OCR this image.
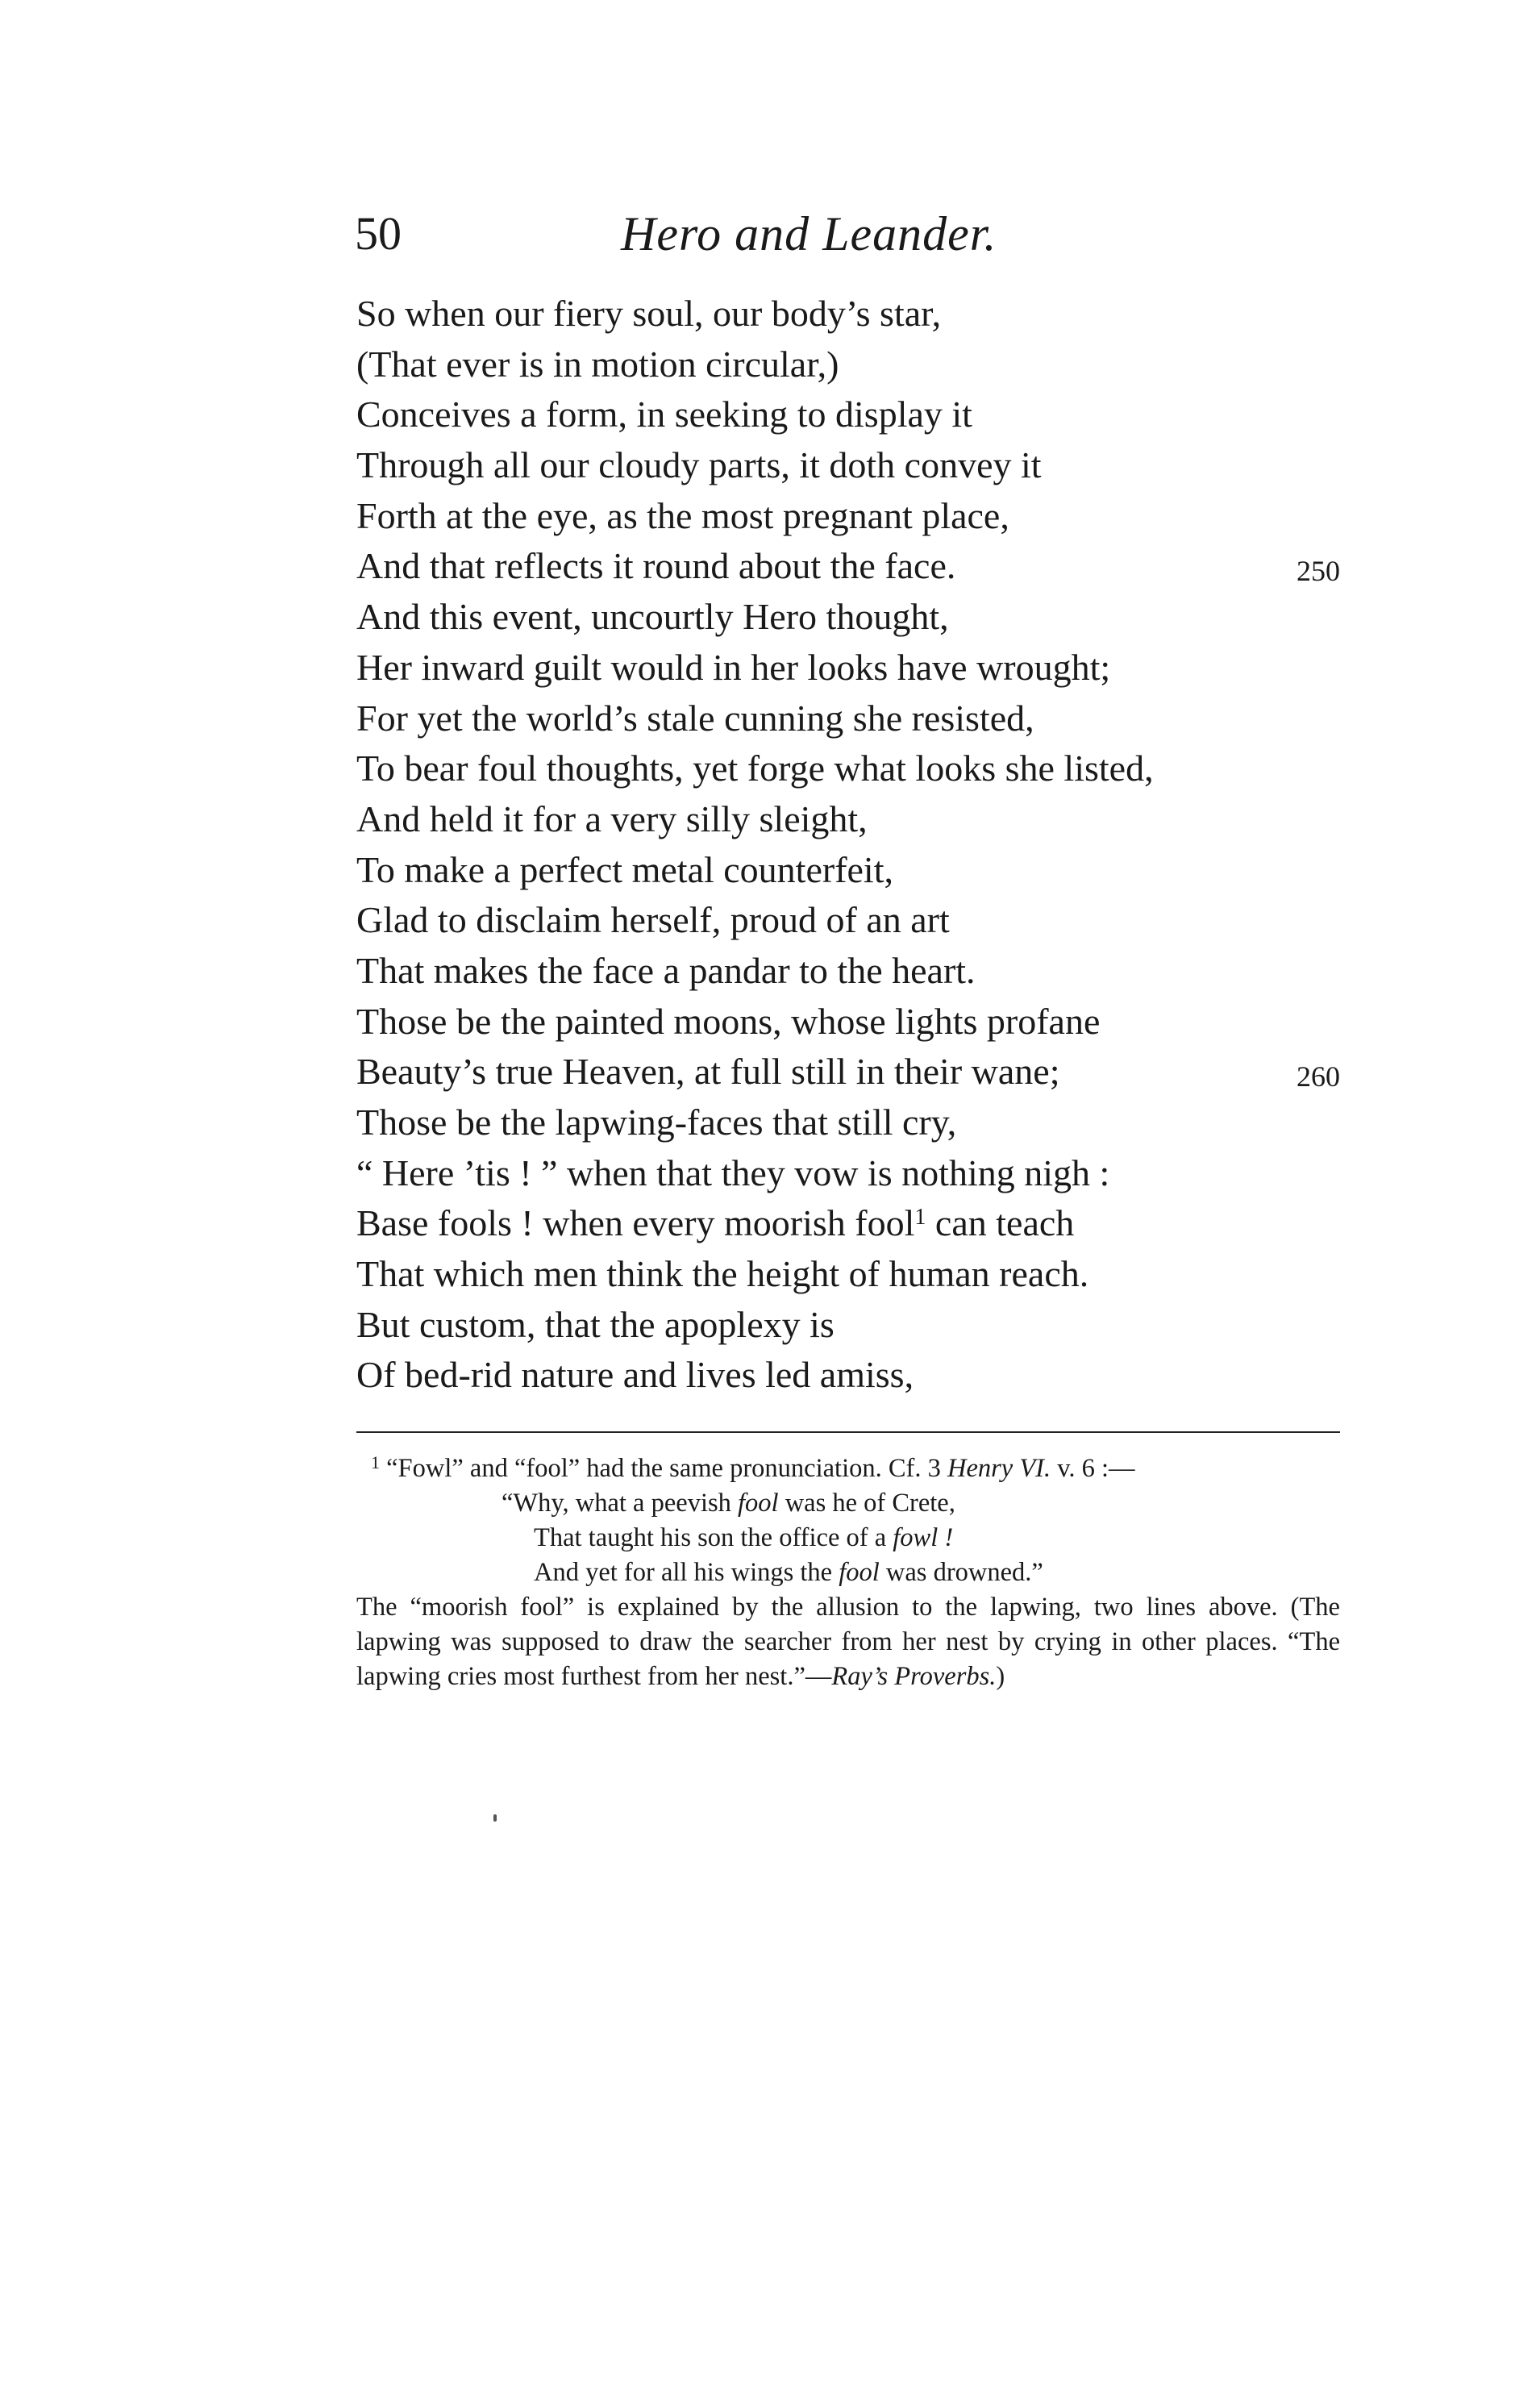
50	Hero and Leander.
So when our fiery soul, our body’s star,
(That ever is in motion circular,)
Conceives a form, in seeking to display it
Through all our cloudy parts, it doth convey it
Forth at the eye, as the most pregnant place,
And that reflects it round about the face.	250
And this event, uncourtly Hero thought,
Her inward guilt would in her looks have wrought;
For yet the world’s stale cunning she resisted,
To bear foul thoughts, yet forge what looks she listed,
And held it for a very silly sleight,
To make a perfect metal counterfeit,
Glad to disclaim herself, proud of an art
That makes the face a pandar to the heart.
Those be the painted moons, whose lights profane
Beauty’s true Heaven, at full still in their wane;	260
Those be the lapwing-faces that still cry,
“ Here ’tis ! ” when that they vow is nothing nigh :
Base fools ! when every moorish fool$^1$ can teach
That which men think the height of human reach.
But custom, that the apoplexy is
Of bed-rid nature and lives led amiss,

$^1$ “Fowl” and “fool” had the same pronunciation. Cf. 3 Henry VI. v. 6 :—

“Why, what a peevish fool was he of Crete,

That taught his son the office of a fowl !

And yet for all his wings the fool was drowned.”

The “moorish fool” is explained by the allusion to the lapwing, two lines above. (The lapwing was supposed to draw the searcher from her nest by crying in other places. “The lapwing cries most furthest from her nest.”—Ray’s Proverbs.)
